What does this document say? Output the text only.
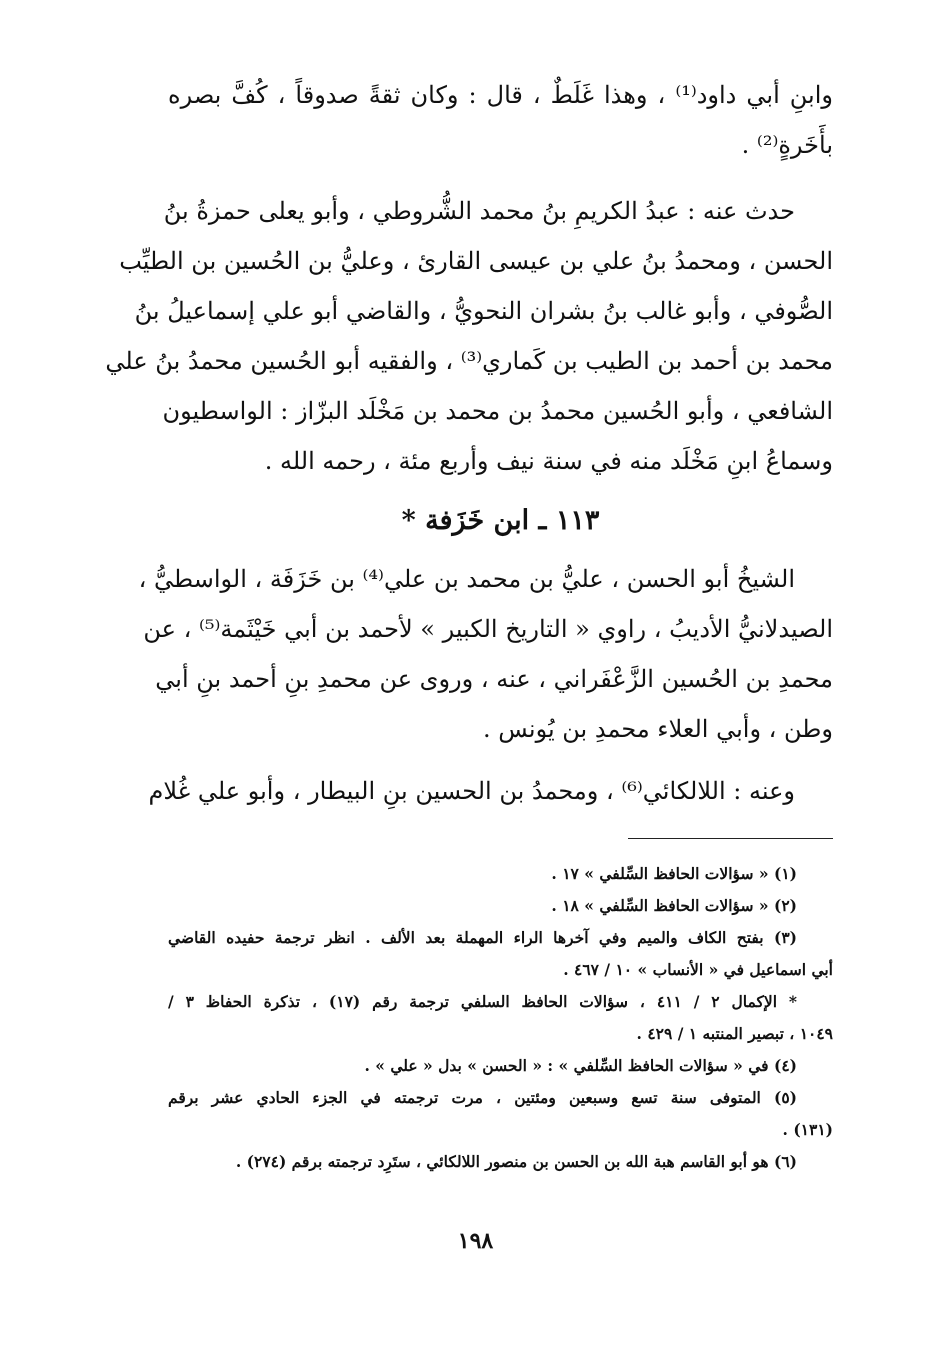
وابنِ أبي داود⁽¹⁾ ، وهذا غَلَطٌ ، قال : وكان ثقةً صدوقاً ، كُفَّ بصره
بأَخَرةٍ⁽²⁾ .
حدث عنه : عبدُ الكريمِ بنُ محمد الشُّروطي ، وأبو يعلى حمزةُ بنُ
الحسن ، ومحمدُ بنُ علي بن عيسى القارئ ، وعليُّ بن الحُسين بن الطيِّب
الصُّوفي ، وأبو غالب بنُ بشران النحويُّ ، والقاضي أبو علي إسماعيلُ بنُ
محمد بن أحمد بن الطيب بن كَماري⁽³⁾ ، والفقيه أبو الحُسين محمدُ بنُ علي
الشافعي ، وأبو الحُسين محمدُ بن محمد بن مَخْلَد البزّاز : الواسطيون
وسماعُ ابنِ مَخْلَد منه في سنة نيف وأربع مئة ، رحمه الله .
١١٣ ـ ابن خَزَفة *
الشيخُ أبو الحسن ، عليُّ بن محمد بن علي⁽⁴⁾ بن خَزَفَة ، الواسطيُّ ،
الصيدلانيُّ الأديبُ ، راوي « التاريخ الكبير » لأحمد بن أبي خَيْثَمة⁽⁵⁾ ، عن
محمدِ بن الحُسين الزَّعْفَراني ، عنه ، وروى عن محمدِ بنِ أحمد بنِ أبي
وطن ، وأبي العلاء محمدِ بن يُونس .
وعنه : اللالكائي⁽⁶⁾ ، ومحمدُ بن الحسين بنِ البيطار ، وأبو علي غُلام
(١) « سؤالات الحافظ السِّلفي » ١٧ .
(٢) « سؤالات الحافظ السِّلفي » ١٨ .
(٣) بفتح الكاف والميم وفي آخرها الراء المهملة بعد الألف . انظر ترجمة حفيده القاضي
أبي اسماعيل في « الأنساب » ١٠ / ٤٦٧ .
* الإكمال ٢ / ٤١١ ، سؤالات الحافظ السلفي ترجمة رقم (١٧) ، تذكرة الحفاظ ٣ /
١٠٤٩ ، تبصير المنتبه ١ / ٤٢٩ .
(٤) في « سؤالات الحافظ السِّلفي » : « الحسن » بدل « علي » .
(٥) المتوفى سنة تسع وسبعين ومئتين ، مرت ترجمته في الجزء الحادي عشر برقم
(١٣١) .
(٦) هو أبو القاسم هبة الله بن الحسن بن منصور اللالكائي ، ستَرِد ترجمته برقم (٢٧٤) .
١٩٨
